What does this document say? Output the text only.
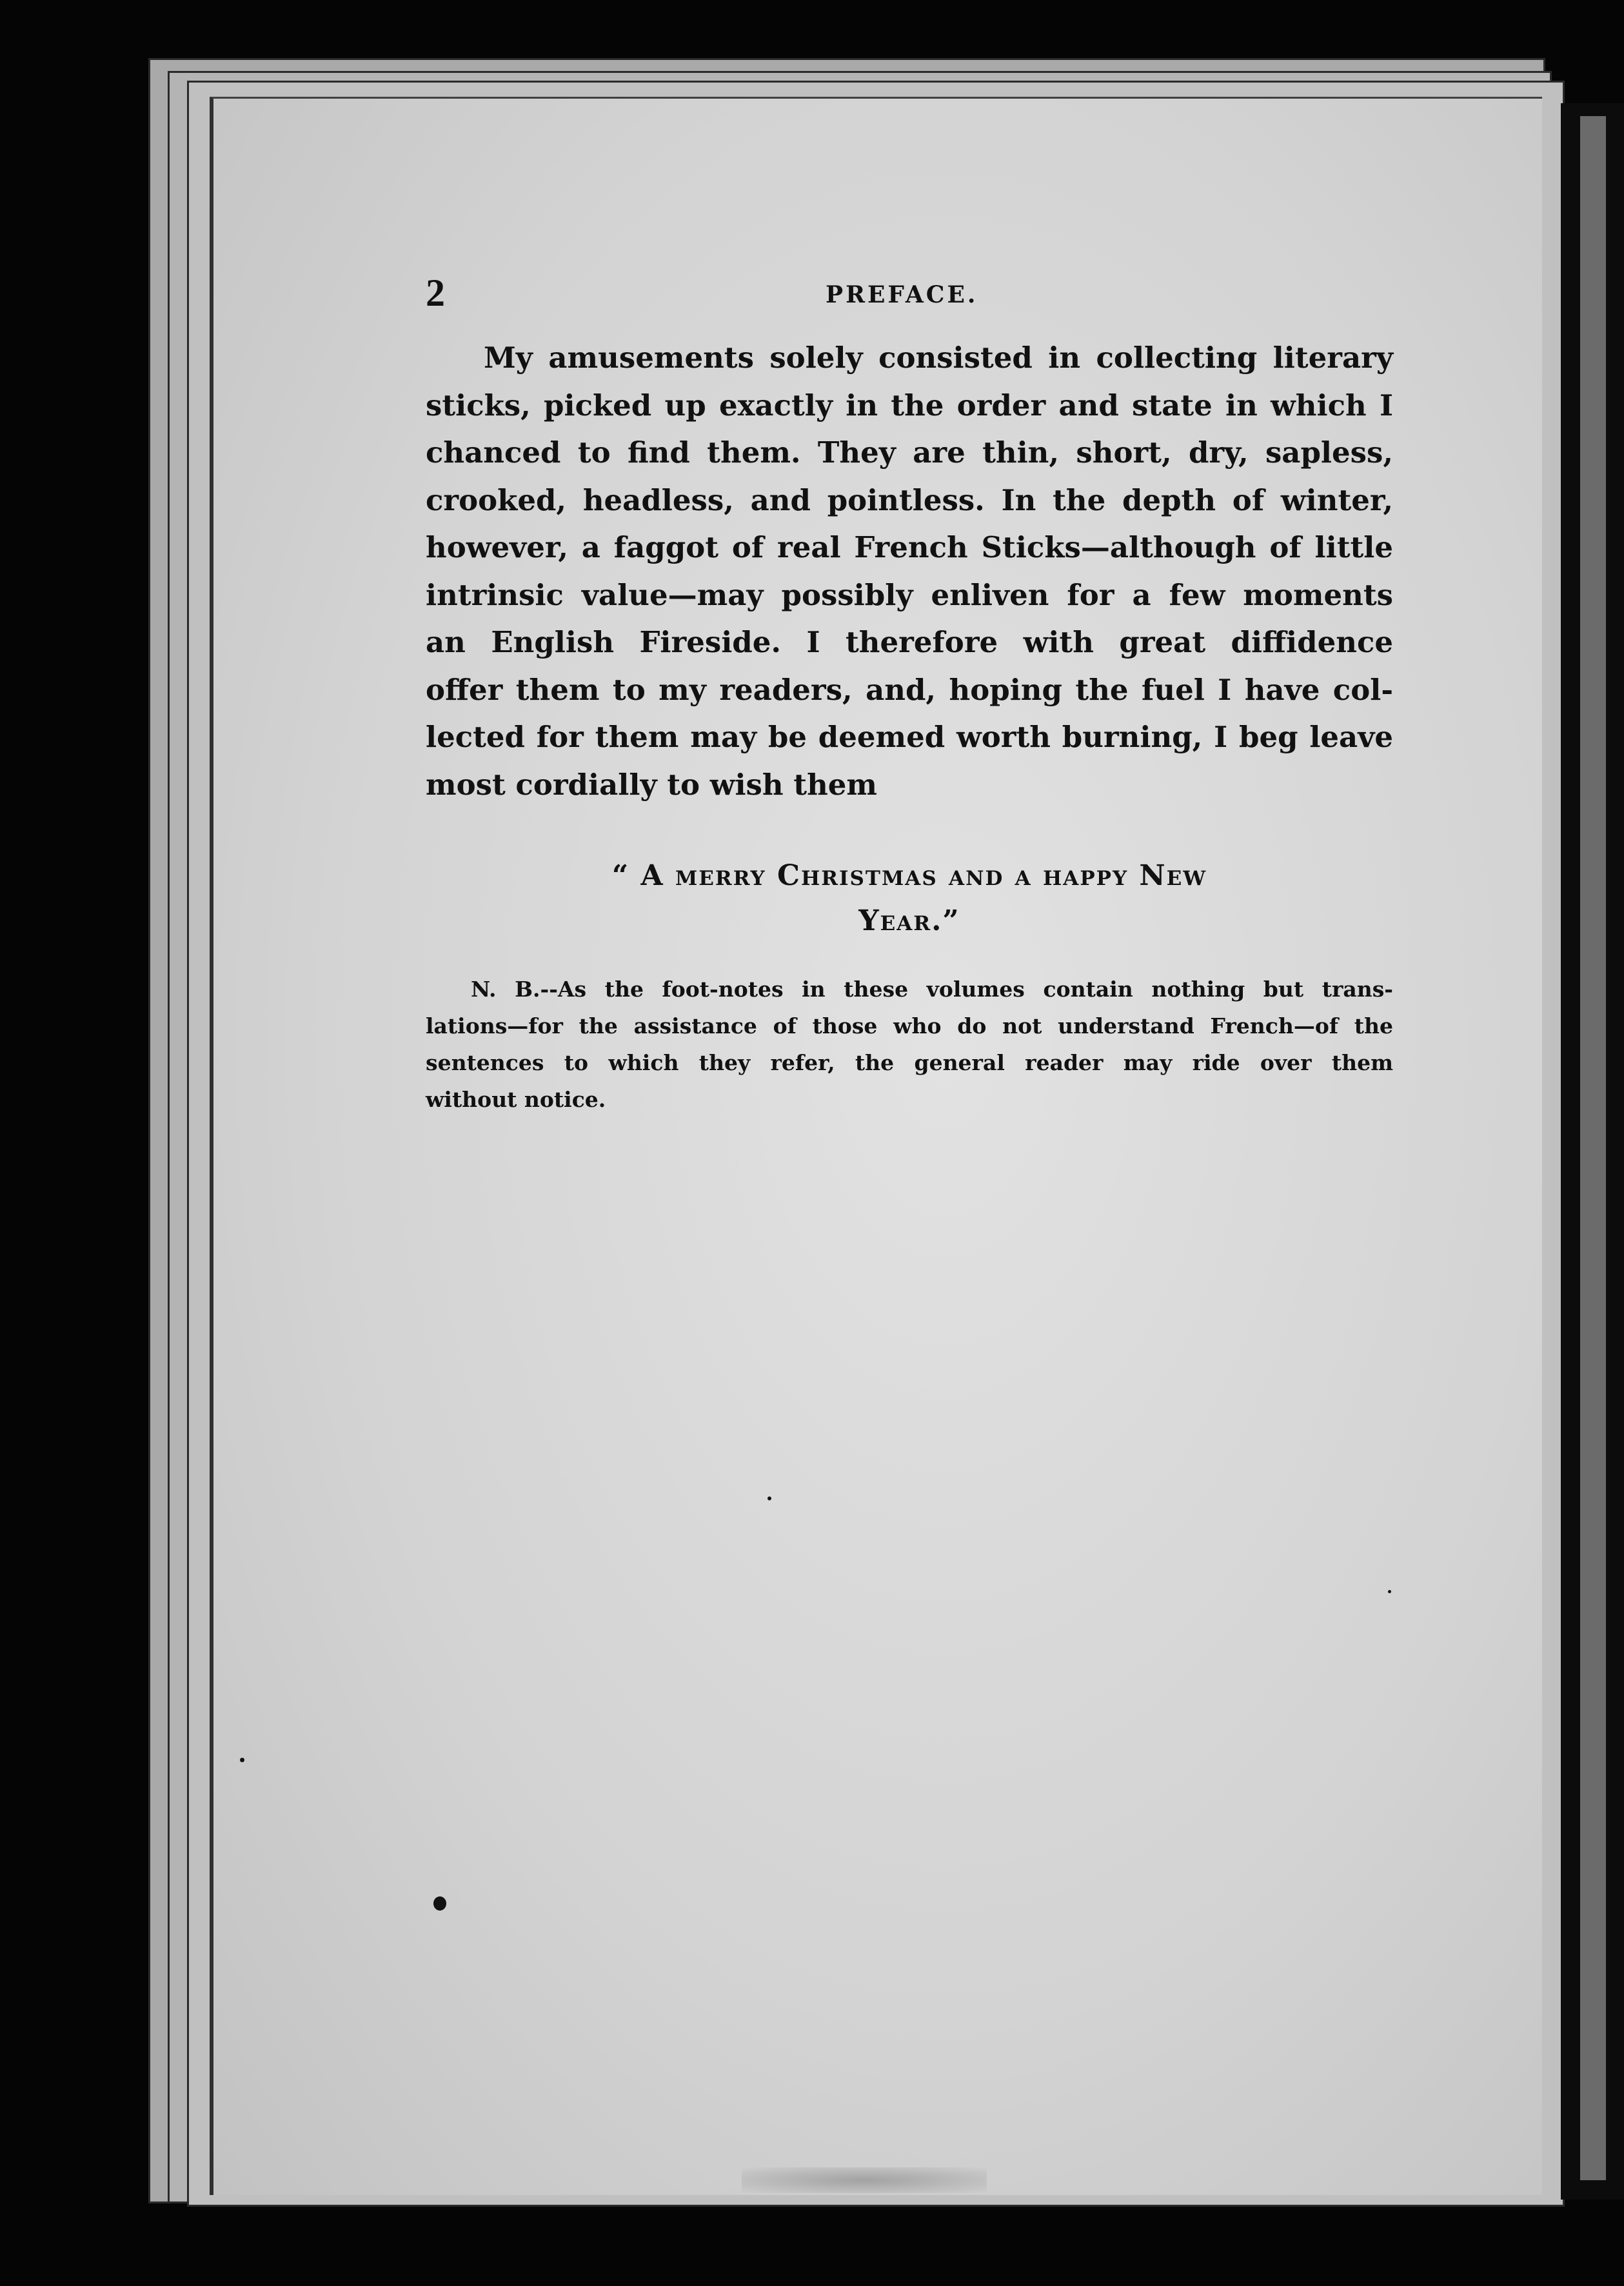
2	PREFACE.
My amusements solely consisted in collecting literary
sticks, picked up exactly in the order and state in which I
chanced to find them. They are thin, short, dry, sapless,
crooked, headless, and pointless. In the depth of winter,
however, a faggot of real French Sticks—although of little
intrinsic value—may possibly enliven for a few moments
an English Fireside. I therefore with great diffidence
offer them to my readers, and, hoping the fuel I have col-
lected for them may be deemed worth burning, I beg leave
most cordially to wish them
“ A merry Christmas and a happy New
Year.”
N. B.--As the foot-notes in these volumes contain nothing but trans-
lations—for the assistance of those who do not understand French—of the
sentences to which they refer, the general reader may ride over them
without notice.
